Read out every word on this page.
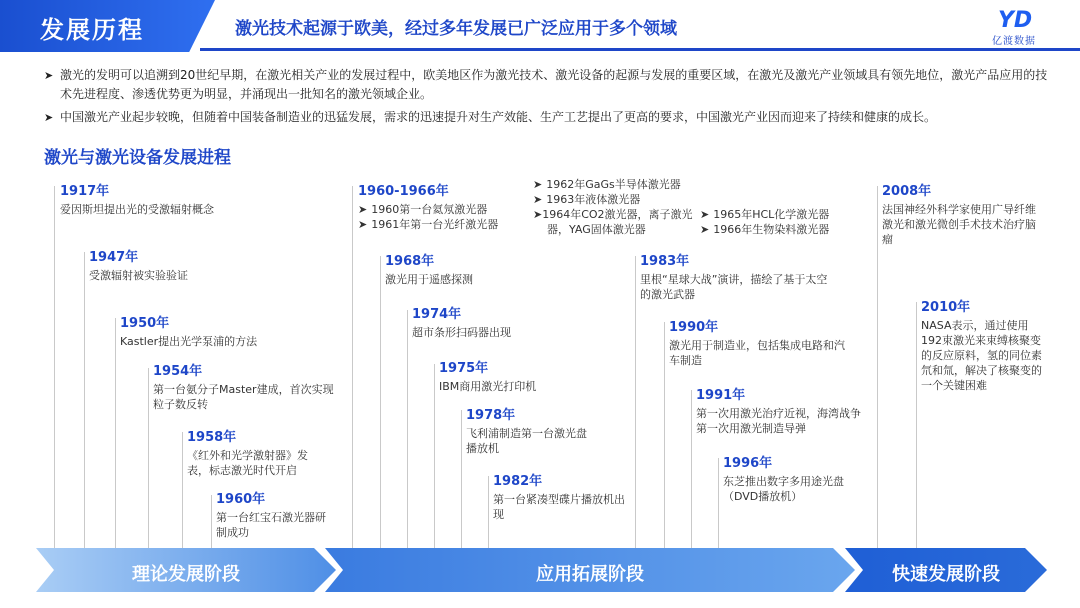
发展历程	激光技术起源于欧美，经过多年发展已广泛应用于多个领域	YD
亿渡数据
➤ 激光的发明可以追溯到20世纪早期，在激光相关产业的发展过程中，欧美地区作为激光技术、激光设备的起源与发展的重要区域，在激光及激光产业领域具有领先地位，激光产品应用的技术先进程度、渗透优势更为明显，并涌现出一批知名的激光领域企业。
➤ 中国激光产业起步较晚，但随着中国装备制造业的迅猛发展，需求的迅速提升对生产效能、生产工艺提出了更高的要求，中国激光产业因而迎来了持续和健康的成长。
激光与激光设备发展进程
1917年
爱因斯坦提出光的受激辐射概念
1947年
受激辐射被实验验证
1950年
Kastler提出光学泵浦的方法
1954年
第一台氨分子Master建成，首次实现粒子数反转
1958年
《红外和光学激射器》发表，标志激光时代开启
1960年
第一台红宝石激光器研制成功
1960-1966年
➤ 1960第一台氦氖激光器
➤ 1961年第一台光纤激光器
➤ 1962年GaGs半导体激光器
➤ 1963年液体激光器
➤1964年CO2激光器，离子激光器，YAG固体激光器
➤ 1965年HCL化学激光器
➤ 1966年生物染料激光器
1968年
激光用于遥感探测
1974年
超市条形扫码器出现
1975年
IBM商用激光打印机
1978年
飞利浦制造第一台激光盘播放机
1982年
第一台紧凑型碟片播放机出现
1983年
里根“星球大战”演讲，描绘了基于太空的激光武器
1990年
激光用于制造业，包括集成电路和汽车制造
1991年
第一次用激光治疗近视，海湾战争第一次用激光制造导弹
1996年
东芝推出数字多用途光盘（DVD播放机）
2008年
法国神经外科学家使用广导纤维激光和激光微创手术技术治疗脑瘤
2010年
NASA表示，通过使用192束激光来束缚核聚变的反应原料，氢的同位素氘和氚，解决了核聚变的一个关键困难
理论发展阶段	应用拓展阶段	快速发展阶段
